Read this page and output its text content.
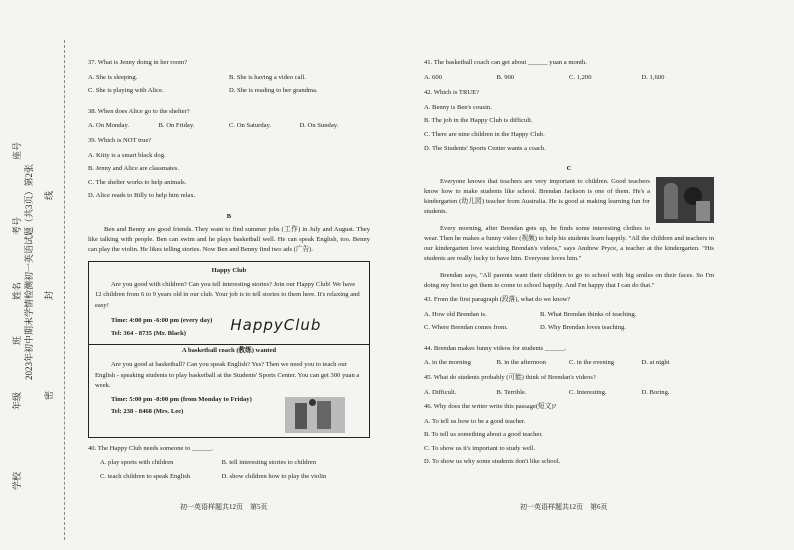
2023年初中期末学情检测初一英语试题（共3页）第2张
座号
考号
姓名
班
年级
学校
线
封
密
37. What is Jenny doing in her room?
A. She is sleeping.	B. She is having a video call.
C. She is playing with Alice.	D. She is reading to her grandma.
38. When does Alice go to the shelter?
A. On Monday.	B. On Friday.	C. On Saturday.	D. On Sunday.
39. Which is NOT true?
A. Kitty is a smart black dog.
B. Jenny and Alice are classmates.
C. The shelter works to help animals.
D. Alice reads to Billy to help him relax.
B

Ben and Benny are good friends. They want to find summer jobs (工作) in July and August. They like talking with people. Ben can swim and he plays basketball well. He can speak English, too. Benny can play the violin. He likes telling stories. Now Ben and Benny find two ads (广告).

Happy Club

Are you good with children? Can you tell interesting stories? Join our Happy Club! We have 12 children from 6 to 9 years old in our club. Your job is to tell stories to them here. It's relaxing and easy!

Time: 4:00 pm -6:00 pm (every day)
Tel: 364 - 8735 (Mr. Black)	HappyClub
A basketball coach (教练) wanted

Are you good at basketball? Can you speak English? Yes? Then we need you to teach our English - speaking students to play basketball at the Students' Sports Center. You can get 300 yuan a week.

Time: 5:00 pm -8:00 pm (from Monday to Friday)
Tel: 238 - 8468 (Mrs. Lee)
40. The Happy Club needs someone to ______.
A. play sports with children	B. tell interesting stories to children
C. teach children to speak English	D. show children how to play the violin
初一英语样题共12页　第5页
41. The basketball coach can get about ______ yuan a month.
A. 600	B. 900	C. 1,200	D. 1,600
42. Which is TRUE?
A. Benny is Ben's cousin.
B. The job in the Happy Club is difficult.
C. There are nine children in the Happy Club.
D. The Students' Sports Center wants a coach.
C

Everyone knows that teachers are very important to children. Good teachers know how to make students like school. Brendan Jackson is one of them. He's a kindergarten (幼儿园) teacher from Australia. He is good at making learning fun for students.

Every morning, after Brendan gets up, he finds some interesting clothes to wear. Then he makes a funny video (视频) to help his students learn happily. "All the children and teachers in our kindergarten love watching Brendan's videos," says Andrew Pryce, a teacher at the kindergarten. "His students are really lucky to have him. Everyone loves him."

Brendan says, "All parents want their children to go to school with big smiles on their faces. So I'm doing my best to get them to come to school happily. And I'm happy that I can do that."

43. From the first paragraph (段落), what do we know?
A. How old Brendan is.	B. What Brendan thinks of teaching.
C. Where Brendan comes from.	D. Why Brendan loves teaching.
44. Brendan makes funny videos for students ______.
A. in the morning	B. in the afternoon	C. in the evening	D. at night
45. What do students probably (可能) think of Brendan's videos?
A. Difficult.	B. Terrible.	C. Interesting.	D. Boring.
46. Why does the writer write this passage(短文)?
A. To tell us how to be a good teacher.
B. To tell us something about a good teacher.
C. To show us it's important to study well.
D. To show us why some students don't like school.
初一英语样题共12页　第6页
